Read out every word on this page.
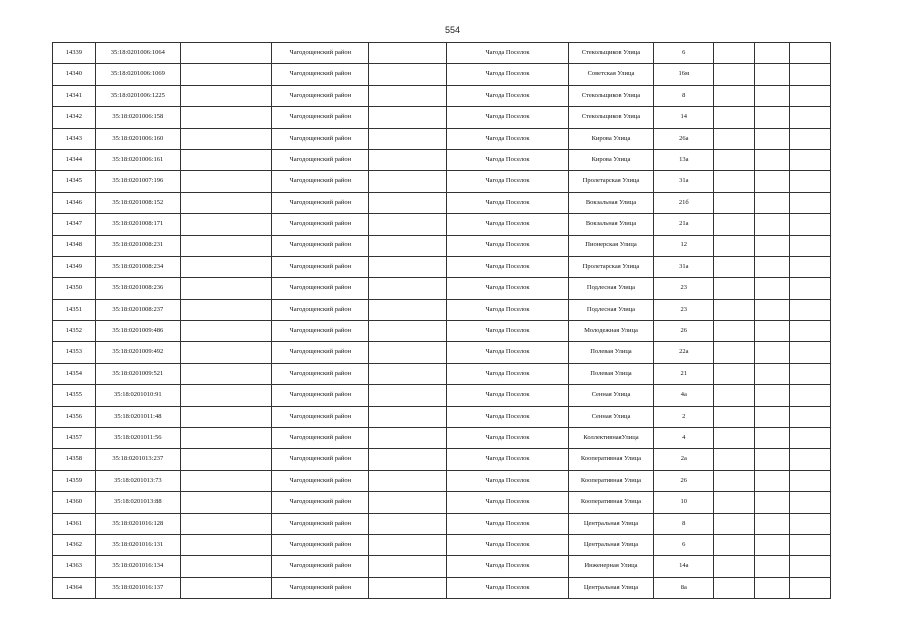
554
14339	35:18:0201006:1064		Чагодощенский район		Чагода Поселок	Стекольщиков Улица	6			
14340	35:18:0201006:1069		Чагодощенский район		Чагода Поселок	Советская Улица	16м			
14341	35:18:0201006:1225		Чагодощенский район		Чагода Поселок	Стекольщиков Улица	8			
14342	35:18:0201006:158		Чагодощенский район		Чагода Поселок	Стекольщиков Улица	14			
14343	35:18:0201006:160		Чагодощенский район		Чагода Поселок	Кирова Улица	26а			
14344	35:18:0201006:161		Чагодощенский район		Чагода Поселок	Кирова Улица	13а			
14345	35:18:0201007:196		Чагодощенский район		Чагода Поселок	Пролетарская Улица	31а			
14346	35:18:0201008:152		Чагодощенский район		Чагода Поселок	Вокзальная Улица	21б			
14347	35:18:0201008:171		Чагодощенский район		Чагода Поселок	Вокзальная Улица	21а			
14348	35:18:0201008:231		Чагодощенский район		Чагода Поселок	Пионерская Улица	12			
14349	35:18:0201008:234		Чагодощенский район		Чагода Поселок	Пролетарская Улица	31а			
14350	35:18:0201008:236		Чагодощенский район		Чагода Поселок	Подлесная Улица	23			
14351	35:18:0201008:237		Чагодощенский район		Чагода Поселок	Подлесная Улица	23			
14352	35:18:0201009:486		Чагодощенский район		Чагода Поселок	Молодежная Улица	26			
14353	35:18:0201009:492		Чагодощенский район		Чагода Поселок	Полевая Улица	22а			
14354	35:18:0201009:521		Чагодощенский район		Чагода Поселок	Полевая Улица	21			
14355	35:18:0201010:91		Чагодощенский район		Чагода Поселок	Сенная Улица	4а			
14356	35:18:0201011:48		Чагодощенский район		Чагода Поселок	Сенная Улица	2			
14357	35:18:0201011:56		Чагодощенский район		Чагода Поселок	КоллективнаяУлица	4			
14358	35:18:0201013:237		Чагодощенский район		Чагода Поселок	Кооперативная Улица	2а			
14359	35:18:0201013:73		Чагодощенский район		Чагода Поселок	Кооперативная Улица	26			
14360	35:18:0201013:88		Чагодощенский район		Чагода Поселок	Кооперативная Улица	10			
14361	35:18:0201016:128		Чагодощенский район		Чагода Поселок	Центральная Улица	8			
14362	35:18:0201016:131		Чагодощенский район		Чагода Поселок	Центральная Улица	6			
14363	35:18:0201016:134		Чагодощенский район		Чагода Поселок	Инженерная Улица	14а			
14364	35:18:0201016:137		Чагодощенский район		Чагода Поселок	Центральная Улица	8а			
